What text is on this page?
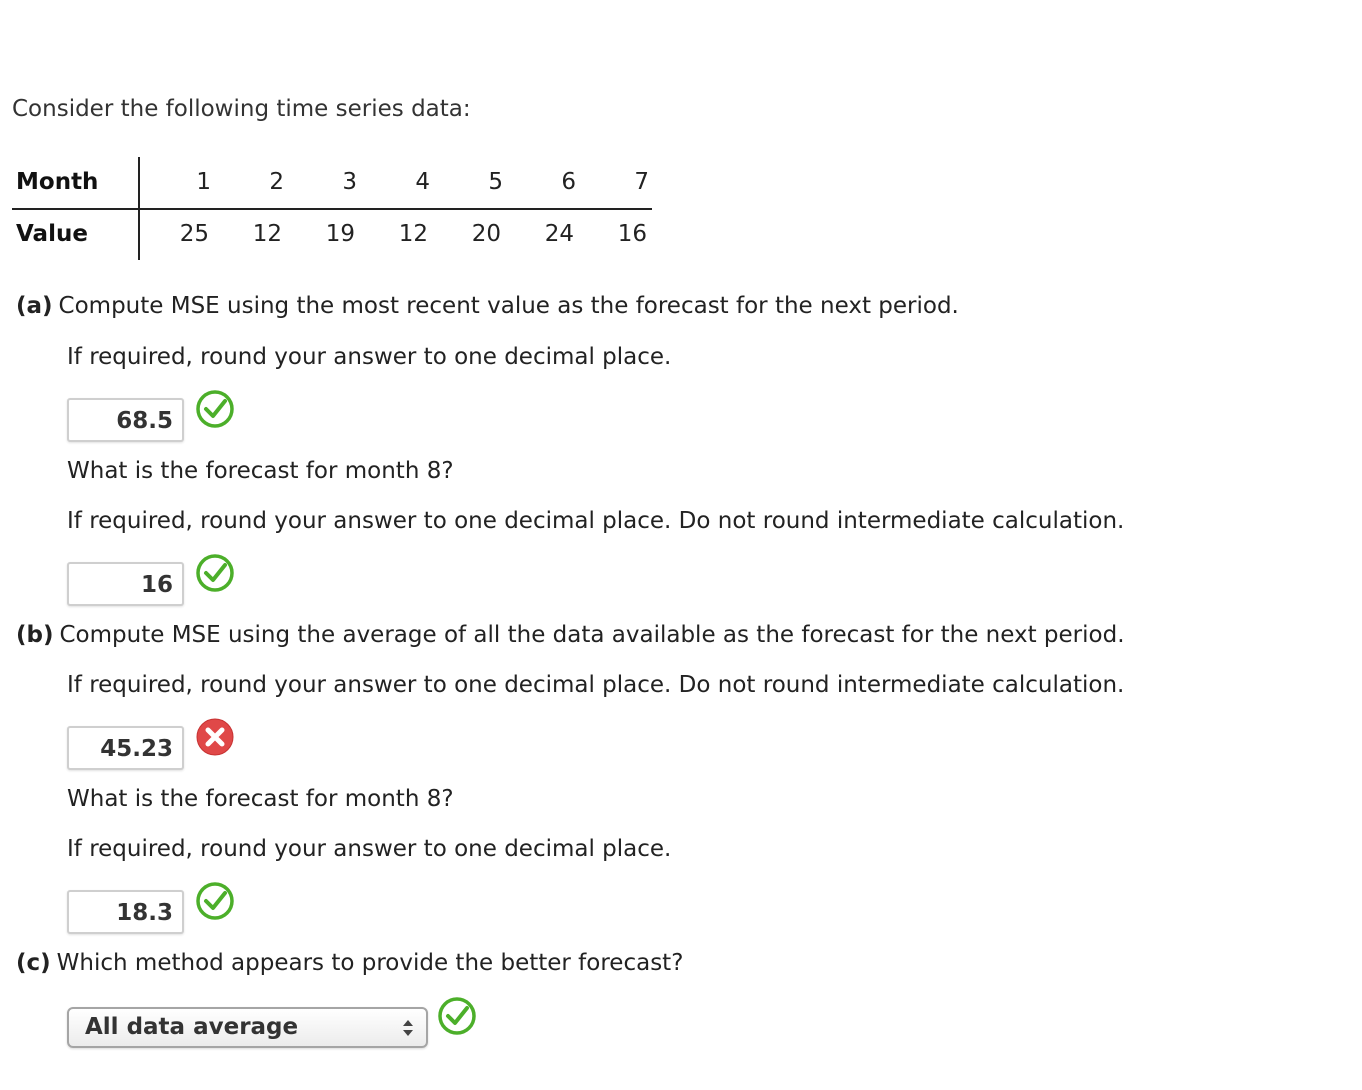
Consider the following time series data:
Month	1	2	3	4	5	6	7
Value	25	12	19	12	20	24	16
(a) Compute MSE using the most recent value as the forecast for the next period.
If required, round your answer to one decimal place.
68.5
What is the forecast for month 8?
If required, round your answer to one decimal place. Do not round intermediate calculation.
16
(b) Compute MSE using the average of all the data available as the forecast for the next period.
If required, round your answer to one decimal place. Do not round intermediate calculation.
45.23
What is the forecast for month 8?
If required, round your answer to one decimal place.
18.3
(c) Which method appears to provide the better forecast?
All data average
